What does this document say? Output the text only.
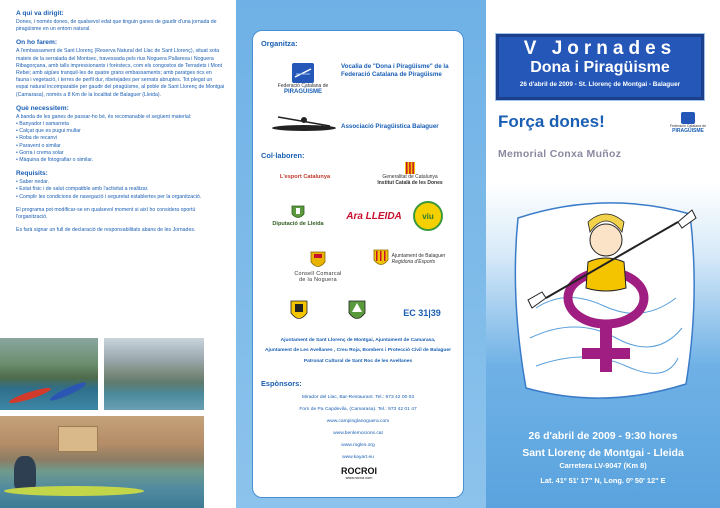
A qui va dirigit:

Dones, i només dones, de qualsevol edat que tinguin ganes de gaudir d'una jornada de piragüisme en un entorn natural.

On ho farem:

A l'embassament de Sant Llorenç (Reserva Natural del Llac de Sant Llorenç), situat sota mateix de la serralada del Montsec, travessada pels rius Noguera Pallaresa i Noguera Ribagorçana, amb talls impressionants i forèstecs, com els congostos de Terradets i Mont Rebei; amb aigües tranquil·les de quatre grans embassaments; amb paratges rics en fauna i vegetació, i terres de perfil dur, ribetejades per sernats abruptes. Tot plegat un espai natural incomparable per gaudir del piragüisme, al poble de Sant Llorenç de Montgai (Camarasa), només a 8 Km de la localitat de Balaguer (Lleida).

Què necessitem:

A banda de les ganes de passar-ho bé, és recomanable el següent material:

• Banyador i samarreta
• Calçat que es pugui mullar
• Roba de recanvi
• Paravent o similar
• Gorra i crema solar
• Màquina de fotografiar o similar.
Requisits:
• Saber nedar.
• Estat físic i de salut compatible amb l'activitat a realitzar.
• Complir les condicions de navegació i seguretat establertes per la organització.

El programa pot modificar-se en qualsevol moment si així ho considera oportú l'organització.

Es farà signar un full de declaració de responsabilitats abans de les Jornades.

Organitza:
Federació Catalana de
PIRAGÜISME
Vocalia de "Dona i Piragüisme" de la Federació Catalana de Piragüisme
Associació Piragüística Balaguer
Col·laboren:
L'esport Catalunya	Generalitat de Catalunya
Institut Català de les Dones
Diputació de Lleida
Ara LLEIDA	viu
Consell Comarcal
de la Noguera
Ajuntament de Balaguer
Regidoria d'Esports
EC 31|39
Ajuntament de Sant Llorenç de Montgai, Ajuntament de Camarasa,
Ajuntament de Les Avellanes , Creu Roja, Bombers i Protecció Civil de Balaguer
Patronat Cultural de Sant Roc de les Avellanes
Espònsors:
Mirador del Llac, Bar-Restaurant. Tel.: 973 42 00 03
Forn de Pa Capdevila, (Camarasa). Tel.: 973 42 01 47
www.campinglanoguera.com
www.benlemocions.cat
www.rogles.org
www.kayart.eu
ROCROI
www.rocroi.com
V Jornades
Dona i Piragüisme
26 d'abril de 2009 - St. Llorenç de Montgai - Balaguer
Força dones!
Memorial Conxa Muñoz
Federació Catalana de
PIRAGÜISME
26 d'abril de 2009 - 9:30 hores
Sant Llorenç de Montgai - Lleida
Carretera LV-9047 (Km 8)
Lat. 41º 51' 17" N, Long. 0º 50' 12" E
